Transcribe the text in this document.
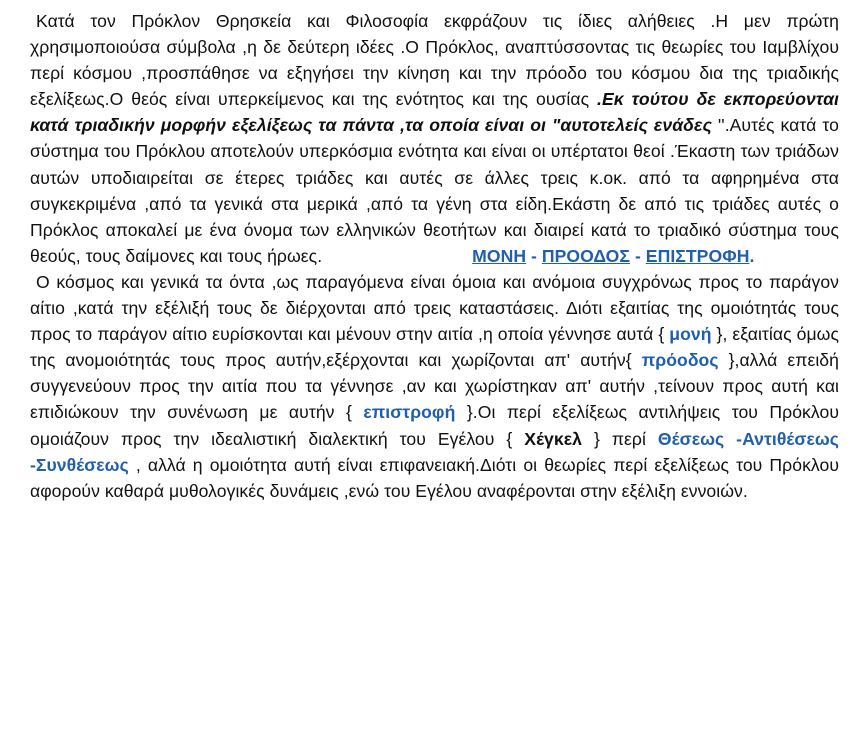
Κατά τον Πρόκλον Θρησκεία και Φιλοσοφία εκφράζουν τις ίδιες αλήθειες .Η μεν πρώτη χρησιμοποιούσα σύμβολα ,η δε δεύτερη ιδέες .Ο Πρόκλος, αναπτύσσοντας τις θεωρίες του Ιαμβλίχου περί κόσμου ,προσπάθησε να εξηγήσει την κίνηση και την πρόοδο του κόσμου δια της τριαδικής εξελίξεως.Ο θεός είναι υπερκείμενος και της ενότητος και της ουσίας .Εκ τούτου δε εκπορεύονται κατά τριαδικήν μορφήν εξελίξεως τα πάντα ,τα οποία είναι οι "αυτοτελείς ενάδες ''.Αυτές κατά το σύστημα του Πρόκλου αποτελούν υπερκόσμια ενότητα και είναι οι υπέρτατοι θεοί .Έκαστη των τριάδων αυτών υποδιαιρείται σε έτερες τριάδες και αυτές σε άλλες τρεις κ.οκ. από τα αφηρημένα στα συγκεκριμένα ,από τα γενικά στα μερικά ,από τα γένη στα είδη.Εκάστη δε από τις τριάδες αυτές ο Πρόκλος αποκαλεί με ένα όνομα των ελληνικών θεοτήτων και διαιρεί κατά το τριαδικό σύστημα τους θεούς, τους δαίμονες και τους ήρωες.	ΜΟΝΗ - ΠΡΟΟΔΟΣ - ΕΠΙΣΤΡΟΦΗ.

Ο κόσμος και γενικά τα όντα ,ως παραγόμενα είναι όμοια και ανόμοια συγχρόνως προς το παράγον αίτιο ,κατά την εξέλιξή τους δε διέρχονται από τρεις καταστάσεις. Διότι εξαιτίας της ομοιότητάς τους προς το παράγον αίτιο ευρίσκονται και μένουν στην αιτία ,η οποία γέννησε αυτά { μονή }, εξαιτίας όμως της ανομοιότητάς τους προς αυτήν,εξέρχονται και χωρίζονται απ' αυτήν{ πρόοδος },αλλά επειδή συγγενεύουν προς την αιτία που τα γέννησε ,αν και χωρίστηκαν απ' αυτήν ,τείνουν προς αυτή και επιδιώκουν την συνένωση με αυτήν { επιστροφή }.Οι περί εξελίξεως αντιλήψεις του Πρόκλου ομοιάζουν προς την ιδεαλιστική διαλεκτική του Εγέλου { Χέγκελ } περί Θέσεως -Αντιθέσεως -Συνθέσεως , αλλά η ομοιότητα αυτή είναι επιφανειακή.Διότι οι θεωρίες περί εξελίξεως του Πρόκλου αφορούν καθαρά μυθολογικές δυνάμεις ,ενώ του Εγέλου αναφέρονται στην εξέλιξη εννοιών.
